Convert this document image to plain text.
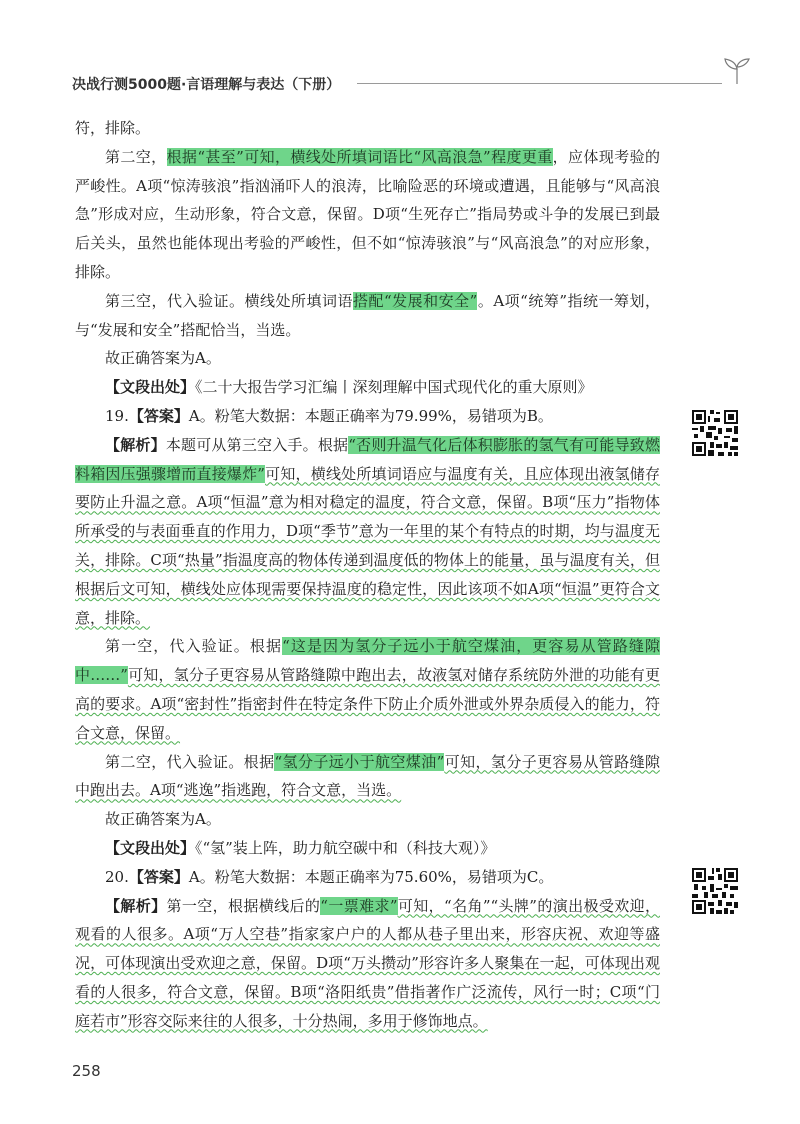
决战行测5000题·言语理解与表达（下册）

符，排除。

第二空，根据“甚至”可知，横线处所填词语比“风高浪急”程度更重，应体现考验的严峻性。A项“惊涛骇浪”指汹涌吓人的浪涛，比喻险恶的环境或遭遇，且能够与“风高浪急”形成对应，生动形象，符合文意，保留。D项“生死存亡”指局势或斗争的发展已到最后关头，虽然也能体现出考验的严峻性，但不如“惊涛骇浪”与“风高浪急”的对应形象，排除。

第三空，代入验证。横线处所填词语搭配“发展和安全”。A项“统筹”指统一筹划，与“发展和安全”搭配恰当，当选。

故正确答案为A。

【文段出处】《二十大报告学习汇编丨深刻理解中国式现代化的重大原则》

19.【答案】A。粉笔大数据：本题正确率为79.99%，易错项为B。

【解析】本题可从第三空入手。根据“否则升温气化后体积膨胀的氢气有可能导致燃料箱因压强骤增而直接爆炸”可知，横线处所填词语应与温度有关，且应体现出液氢储存要防止升温之意。A项“恒温”意为相对稳定的温度，符合文意，保留。B项“压力”指物体所承受的与表面垂直的作用力，D项“季节”意为一年里的某个有特点的时期，均与温度无关，排除。C项“热量”指温度高的物体传递到温度低的物体上的能量，虽与温度有关，但根据后文可知，横线处应体现需要保持温度的稳定性，因此该项不如A项“恒温”更符合文意，排除。

第一空，代入验证。根据“这是因为氢分子远小于航空煤油，更容易从管路缝隙中……”可知，氢分子更容易从管路缝隙中跑出去，故液氢对储存系统防外泄的功能有更高的要求。A项“密封性”指密封件在特定条件下防止介质外泄或外界杂质侵入的能力，符合文意，保留。

第二空，代入验证。根据“氢分子远小于航空煤油”可知，氢分子更容易从管路缝隙中跑出去。A项“逃逸”指逃跑，符合文意，当选。

故正确答案为A。

【文段出处】《“氢”装上阵，助力航空碳中和（科技大观）》

20.【答案】A。粉笔大数据：本题正确率为75.60%，易错项为C。

【解析】第一空，根据横线后的“一票难求”可知，“名角”“头牌”的演出极受欢迎，观看的人很多。A项“万人空巷”指家家户户的人都从巷子里出来，形容庆祝、欢迎等盛况，可体现演出受欢迎之意，保留。D项“万头攒动”形容许多人聚集在一起，可体现出观看的人很多，符合文意，保留。B项“洛阳纸贵”借指著作广泛流传，风行一时；C项“门庭若市”形容交际来往的人很多，十分热闹，多用于修饰地点。

258
